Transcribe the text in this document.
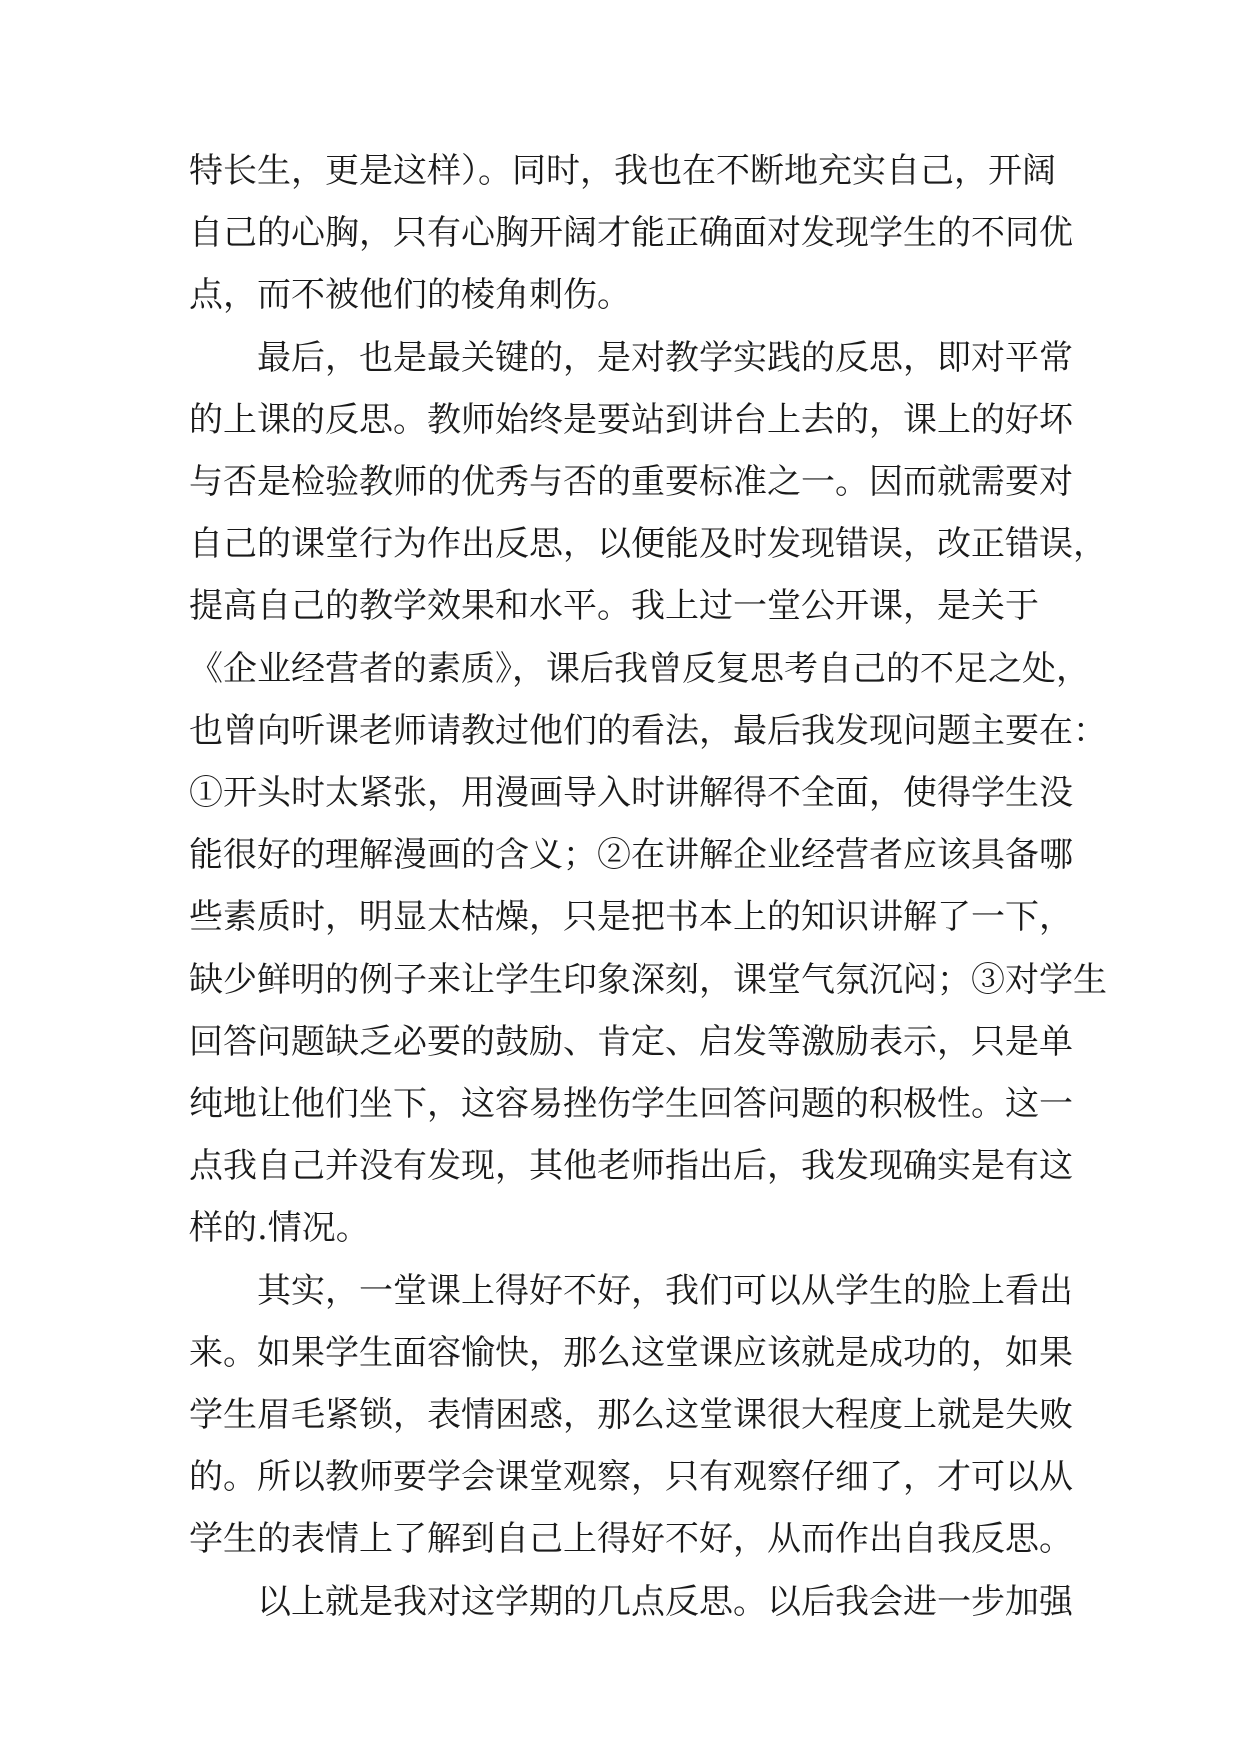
特长生，更是这样）。同时，我也在不断地充实自己，开阔
自己的心胸，只有心胸开阔才能正确面对发现学生的不同优
点，而不被他们的棱角刺伤。
最后，也是最关键的，是对教学实践的反思，即对平常
的上课的反思。教师始终是要站到讲台上去的，课上的好坏
与否是检验教师的优秀与否的重要标准之一。因而就需要对
自己的课堂行为作出反思，以便能及时发现错误，改正错误，
提高自己的教学效果和水平。我上过一堂公开课，是关于
《企业经营者的素质》，课后我曾反复思考自己的不足之处，
也曾向听课老师请教过他们的看法，最后我发现问题主要在：
①开头时太紧张，用漫画导入时讲解得不全面，使得学生没
能很好的理解漫画的含义；②在讲解企业经营者应该具备哪
些素质时，明显太枯燥，只是把书本上的知识讲解了一下，
缺少鲜明的例子来让学生印象深刻，课堂气氛沉闷；③对学生
回答问题缺乏必要的鼓励、肯定、启发等激励表示，只是单
纯地让他们坐下，这容易挫伤学生回答问题的积极性。这一
点我自己并没有发现，其他老师指出后，我发现确实是有这
样的.情况。
其实，一堂课上得好不好，我们可以从学生的脸上看出
来。如果学生面容愉快，那么这堂课应该就是成功的，如果
学生眉毛紧锁，表情困惑，那么这堂课很大程度上就是失败
的。所以教师要学会课堂观察，只有观察仔细了，才可以从
学生的表情上了解到自己上得好不好，从而作出自我反思。
以上就是我对这学期的几点反思。以后我会进一步加强
